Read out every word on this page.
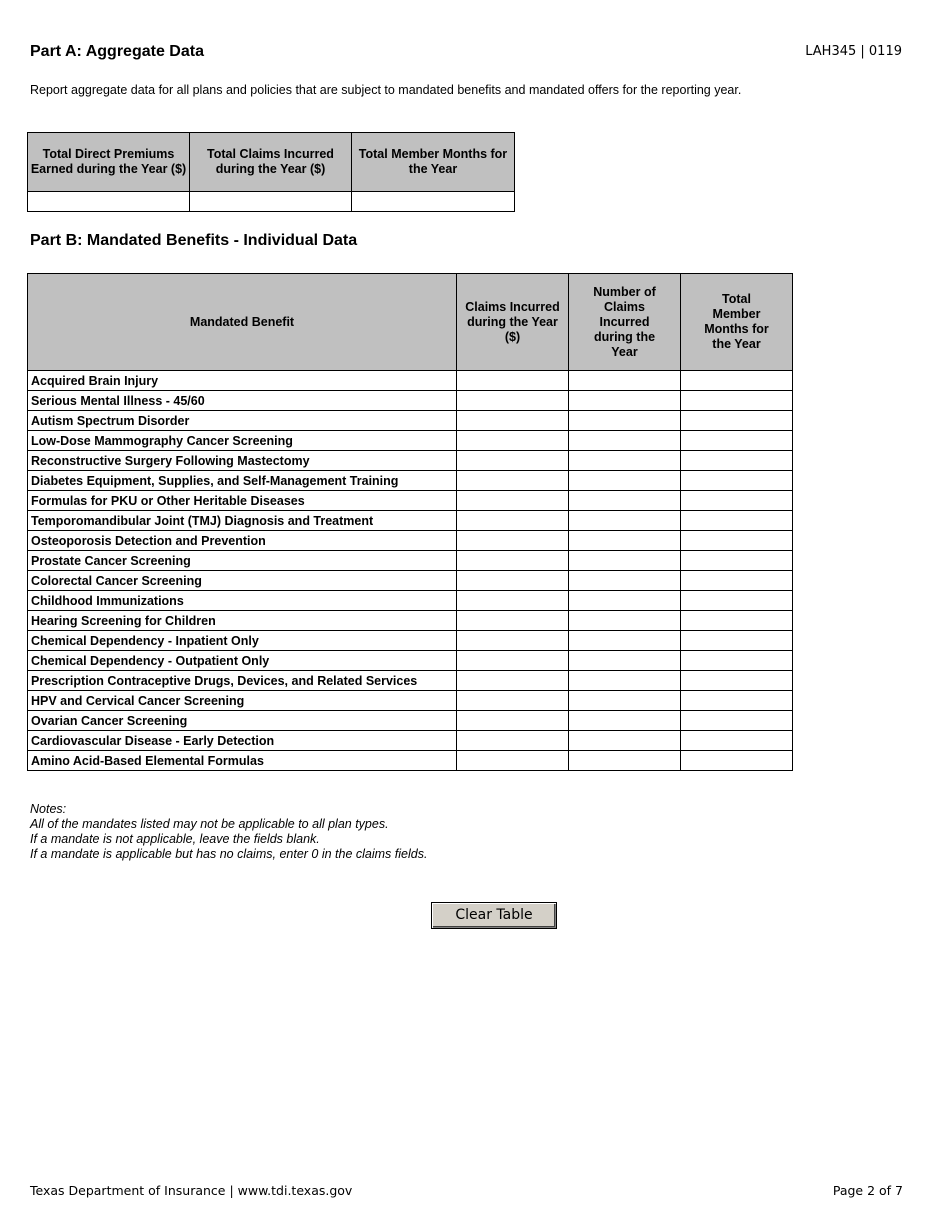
Part A: Aggregate Data	LAH345 | 0119
Report aggregate data for all plans and policies that are subject to mandated benefits and mandated offers for the reporting year.
Total Direct Premiums Earned during the Year ($)	Total Claims Incurred during the Year ($)	Total Member Months for the Year

Part B: Mandated Benefits - Individual Data
Mandated Benefit	Claims Incurred during the Year ($)	Number of Claims Incurred during the Year	Total Member Months for the Year
Acquired Brain Injury			
Serious Mental Illness - 45/60			
Autism Spectrum Disorder			
Low-Dose Mammography Cancer Screening			
Reconstructive Surgery Following Mastectomy			
Diabetes Equipment, Supplies, and Self-Management Training			
Formulas for PKU or Other Heritable Diseases			
Temporomandibular Joint (TMJ) Diagnosis and Treatment			
Osteoporosis Detection and Prevention			
Prostate Cancer Screening			
Colorectal Cancer Screening			
Childhood Immunizations			
Hearing Screening for Children			
Chemical Dependency - Inpatient Only			
Chemical Dependency - Outpatient Only			
Prescription Contraceptive Drugs, Devices, and Related Services			
HPV and Cervical Cancer Screening			
Ovarian Cancer Screening			
Cardiovascular Disease - Early Detection			
Amino Acid-Based Elemental Formulas			
Notes:
All of the mandates listed may not be applicable to all plan types.
If a mandate is not applicable, leave the fields blank.
If a mandate is applicable but has no claims, enter 0 in the claims fields.
Clear Table
Texas Department of Insurance | www.tdi.texas.gov	Page 2 of 7
